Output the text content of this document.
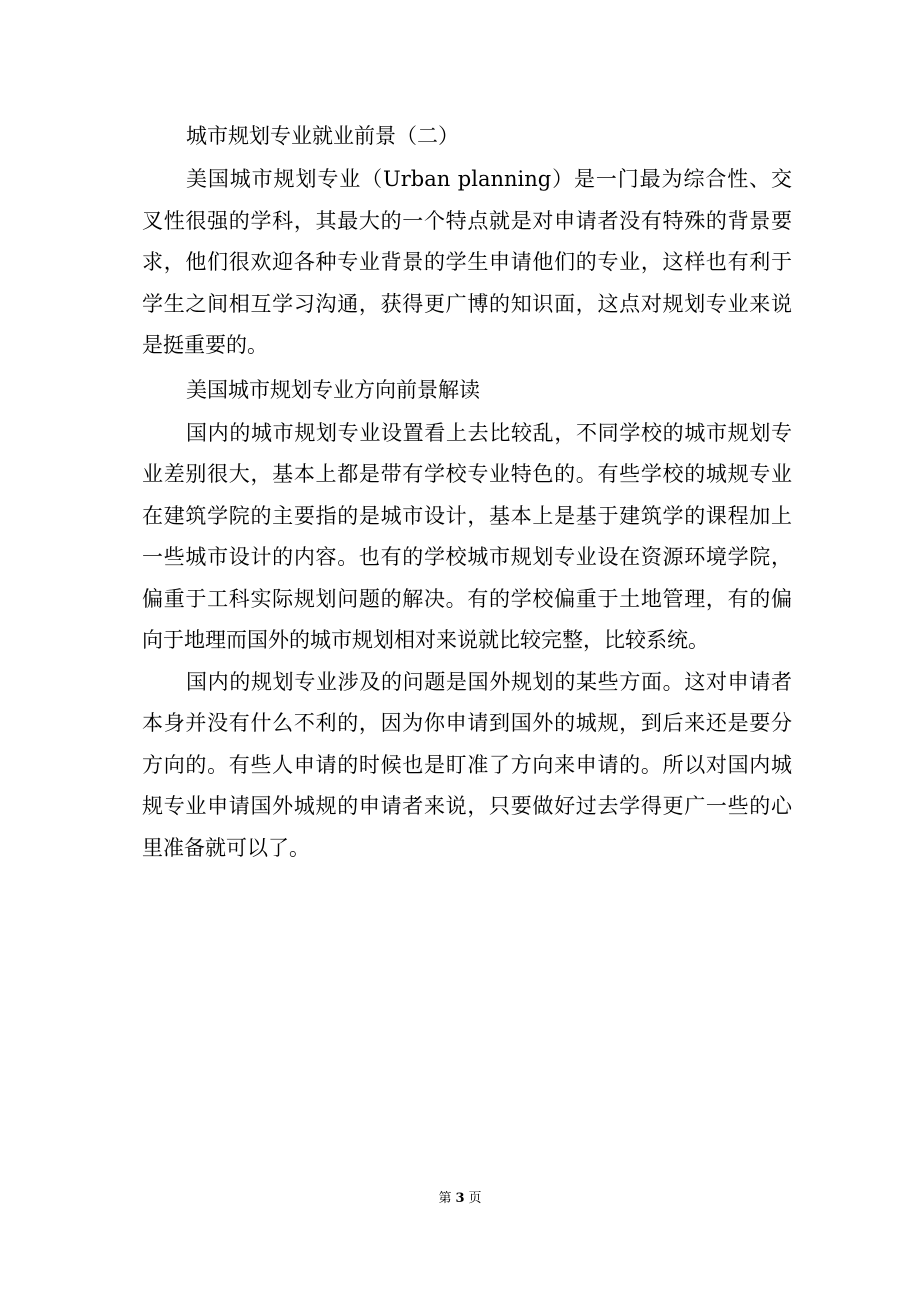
城市规划专业就业前景（二）

美国城市规划专业（Urban planning）是一门最为综合性、交叉性很强的学科，其最大的一个特点就是对申请者没有特殊的背景要求，他们很欢迎各种专业背景的学生申请他们的专业，这样也有利于学生之间相互学习沟通，获得更广博的知识面，这点对规划专业来说是挺重要的。

美国城市规划专业方向前景解读

国内的城市规划专业设置看上去比较乱，不同学校的城市规划专业差别很大，基本上都是带有学校专业特色的。有些学校的城规专业在建筑学院的主要指的是城市设计，基本上是基于建筑学的课程加上一些城市设计的内容。也有的学校城市规划专业设在资源环境学院，偏重于工科实际规划问题的解决。有的学校偏重于土地管理，有的偏向于地理而国外的城市规划相对来说就比较完整，比较系统。

国内的规划专业涉及的问题是国外规划的某些方面。这对申请者本身并没有什么不利的，因为你申请到国外的城规，到后来还是要分方向的。有些人申请的时候也是盯准了方向来申请的。所以对国内城规专业申请国外城规的申请者来说，只要做好过去学得更广一些的心里准备就可以了。

第 3 页
